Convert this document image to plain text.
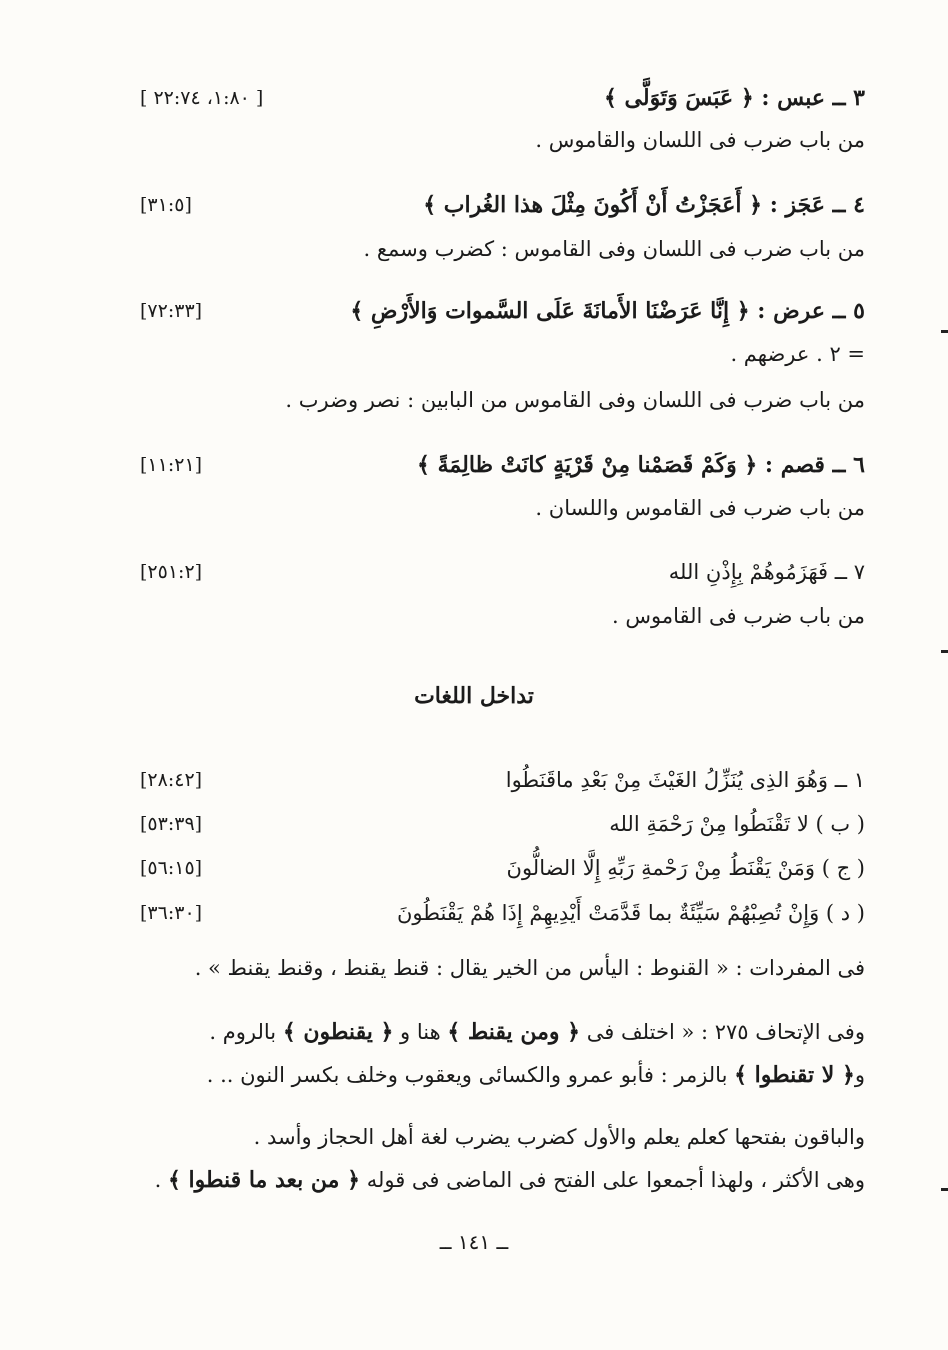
٣ ــ عبس : ﴿ عَبَسَ وَتَوَلَّى ﴾
[ ١:٨٠، ٢٢:٧٤ ]
من باب ضرب فى اللسان والقاموس .
٤ ــ عَجَز : ﴿ أَعَجَزْتُ أَنْ أَكُونَ مِثْلَ هذا الغُراب ﴾
[٣١:٥]
من باب ضرب فى اللسان وفى القاموس : كضرب وسمع .
٥ ــ عرض : ﴿ إِنَّا عَرَضْنَا الأَمانَةَ عَلَى السَّموات وَالأَرْضِ ﴾
[٧٢:٣٣]
= ٢ . عرضهم .
من باب ضرب فى اللسان وفى القاموس من البابين : نصر وضرب .
٦ ــ قصم : ﴿ وَكَمْ قَصَمْنا مِنْ قَرْيَةٍ كانَتْ ظالِمَةً ﴾
[١١:٢١]
من باب ضرب فى القاموس واللسان .
٧ ــ فَهَزَمُوهُمْ بِإِذْنِ الله
[٢٥١:٢]
من باب ضرب فى القاموس .
تداخل اللغات
١ ــ وَهُوَ الذِى يُنَزِّلُ الغَيْثَ مِنْ بَعْدِ ماقَنَطُوا
[٢٨:٤٢]
( ب ) لا تَقْنَطُوا مِنْ رَحْمَةِ الله
[٥٣:٣٩]
( ج ) وَمَنْ يَقْنَطُ مِنْ رَحْمةِ رَبِّهِ إِلَّا الضالُّونَ
[٥٦:١٥]
( د ) وَإِنْ تُصِبْهُمْ سَيِّئَةٌ بما قَدَّمَتْ أَيْدِيهِمْ إِذَا هُمْ يَقْنَطُونَ
[٣٦:٣٠]
فى المفردات : « القنوط : اليأس من الخير يقال : قنط يقنط ، وقنط يقنط » .
وفى الإتحاف ٢٧٥ : « اختلف فى ﴿ ومن يقنط ﴾ هنا و ﴿ يقنطون ﴾ بالروم .
و﴿ لا تقنطوا ﴾ بالزمر : فأبو عمرو والكسائى ويعقوب وخلف بكسر النون .. .
والباقون بفتحها كعلم يعلم والأول كضرب يضرب لغة أهل الحجاز وأسد .
وهى الأكثر ، ولهذا أجمعوا على الفتح فى الماضى فى قوله ﴿ من بعد ما قنطوا ﴾ .
ــ ١٤١ ــ
